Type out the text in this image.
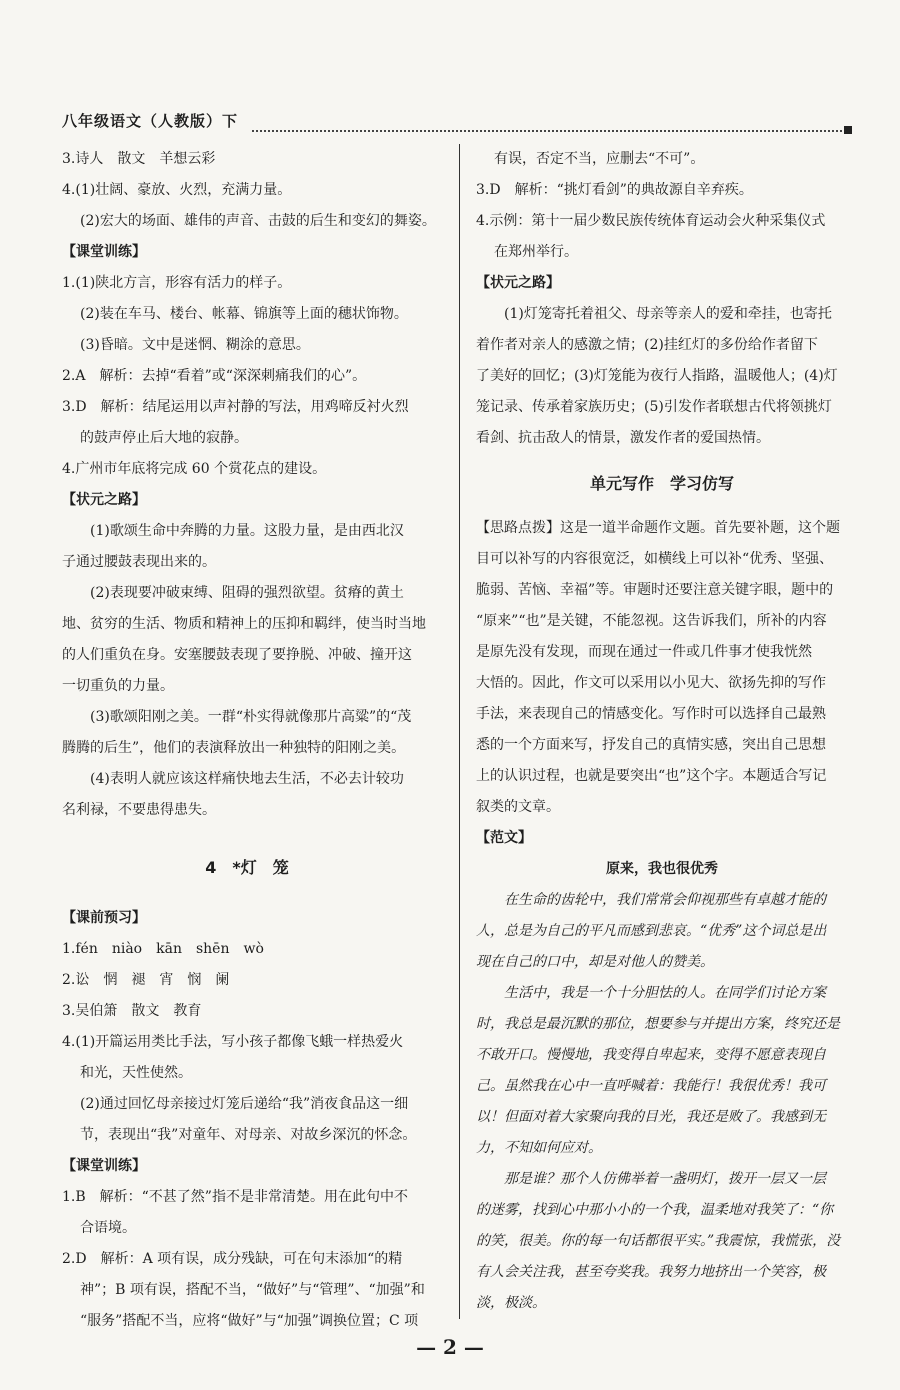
八年级语文（人教版）下
3.诗人　散文　羊想云彩
4.(1)壮阔、豪放、火烈，充满力量。
(2)宏大的场面、雄伟的声音、击鼓的后生和变幻的舞姿。
【课堂训练】
1.(1)陕北方言，形容有活力的样子。
(2)装在车马、楼台、帐幕、锦旗等上面的穗状饰物。
(3)昏暗。文中是迷惘、糊涂的意思。
2.A　解析：去掉“看着”或“深深刺痛我们的心”。
3.D　解析：结尾运用以声衬静的写法，用鸡啼反衬火烈
的鼓声停止后大地的寂静。
4.广州市年底将完成 60 个赏花点的建设。
【状元之路】
(1)歌颂生命中奔腾的力量。这股力量，是由西北汉
子通过腰鼓表现出来的。
(2)表现要冲破束缚、阻碍的强烈欲望。贫瘠的黄土
地、贫穷的生活、物质和精神上的压抑和羁绊，使当时当地
的人们重负在身。安塞腰鼓表现了要挣脱、冲破、撞开这
一切重负的力量。
(3)歌颂阳刚之美。一群“朴实得就像那片高粱”的“茂
腾腾的后生”，他们的表演释放出一种独特的阳刚之美。
(4)表明人就应该这样痛快地去生活，不必去计较功
名利禄，不要患得患失。
4　*灯　笼
【课前预习】
1.fén　niào　kān　shēn　wò
2.讼　惘　褪　宵　悯　阑
3.吴伯箫　散文　教育
4.(1)开篇运用类比手法，写小孩子都像飞蛾一样热爱火
和光，天性使然。
(2)通过回忆母亲接过灯笼后递给“我”消夜食品这一细
节，表现出“我”对童年、对母亲、对故乡深沉的怀念。
【课堂训练】
1.B　解析：“不甚了然”指不是非常清楚。用在此句中不
合语境。
2.D　解析：A 项有误，成分残缺，可在句末添加“的精
神”；B 项有误，搭配不当，“做好”与“管理”、“加强”和
“服务”搭配不当，应将“做好”与“加强”调换位置；C 项
有误，否定不当，应删去“不可”。
3.D　解析：“挑灯看剑”的典故源自辛弃疾。
4.示例：第十一届少数民族传统体育运动会火种采集仪式
在郑州举行。
【状元之路】
(1)灯笼寄托着祖父、母亲等亲人的爱和牵挂，也寄托
着作者对亲人的感激之情；(2)挂红灯的多份给作者留下
了美好的回忆；(3)灯笼能为夜行人指路，温暖他人；(4)灯
笼记录、传承着家族历史；(5)引发作者联想古代将领挑灯
看剑、抗击敌人的情景，激发作者的爱国热情。
单元写作　学习仿写
【思路点拨】这是一道半命题作文题。首先要补题，这个题
目可以补写的内容很宽泛，如横线上可以补“优秀、坚强、
脆弱、苦恼、幸福”等。审题时还要注意关键字眼，题中的
“原来”“也”是关键，不能忽视。这告诉我们，所补的内容
是原先没有发现，而现在通过一件或几件事才使我恍然
大悟的。因此，作文可以采用以小见大、欲扬先抑的写作
手法，来表现自己的情感变化。写作时可以选择自己最熟
悉的一个方面来写，抒发自己的真情实感，突出自己思想
上的认识过程，也就是要突出“也”这个字。本题适合写记
叙类的文章。
【范文】
原来，我也很优秀
在生命的齿轮中，我们常常会仰视那些有卓越才能的
人，总是为自己的平凡而感到悲哀。“优秀”这个词总是出
现在自己的口中，却是对他人的赞美。
生活中，我是一个十分胆怯的人。在同学们讨论方案
时，我总是最沉默的那位，想要参与并提出方案，终究还是
不敢开口。慢慢地，我变得自卑起来，变得不愿意表现自
己。虽然我在心中一直呼喊着：我能行！我很优秀！我可
以！但面对着大家聚向我的目光，我还是败了。我感到无
力，不知如何应对。
那是谁？那个人仿佛举着一盏明灯，拨开一层又一层
的迷雾，找到心中那小小的一个我，温柔地对我笑了：“你
的笑，很美。你的每一句话都很平实。”我震惊，我慌张，没
有人会关注我，甚至夸奖我。我努力地挤出一个笑容，极
淡，极淡。
— 2 —
